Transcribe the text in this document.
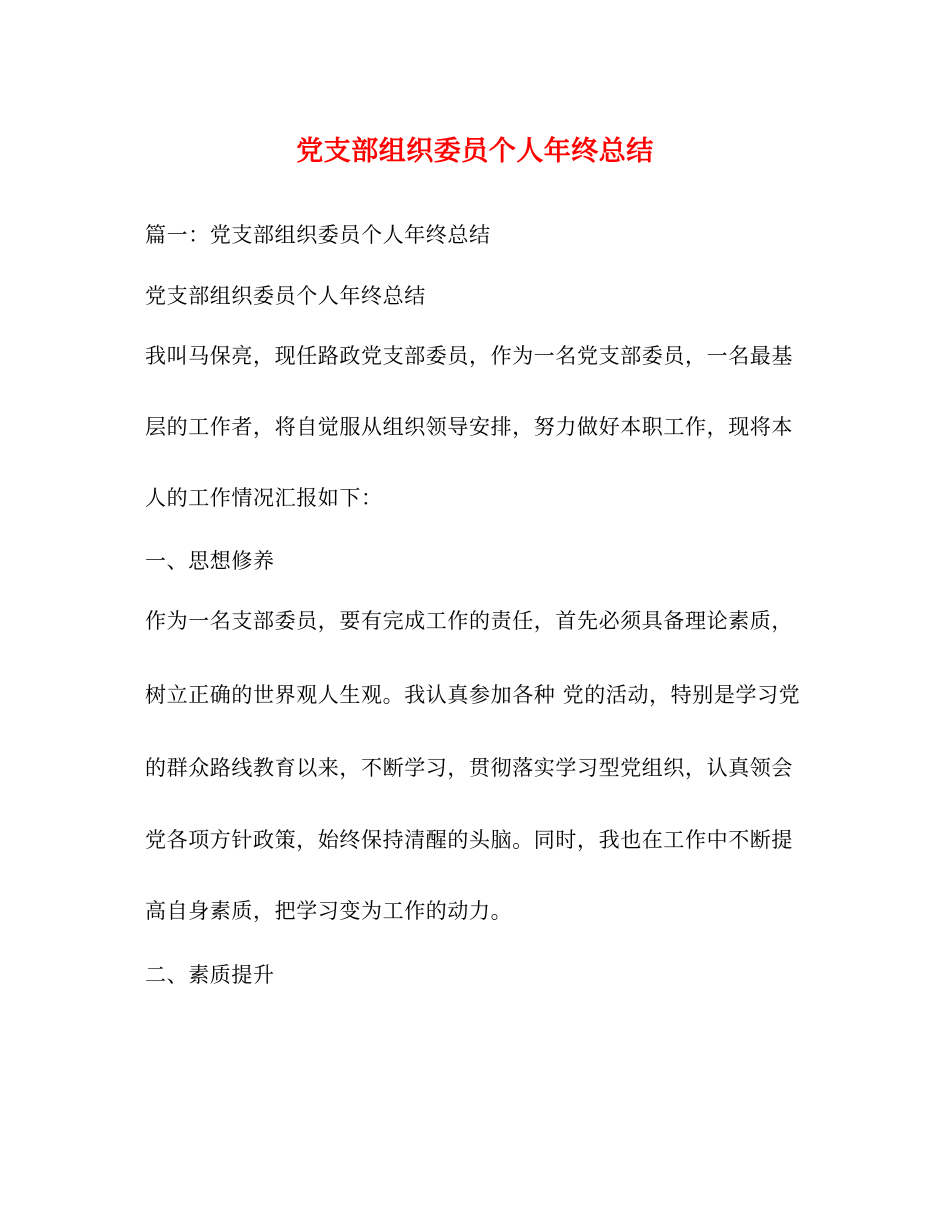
党支部组织委员个人年终总结
篇一：党支部组织委员个人年终总结
党支部组织委员个人年终总结
我叫马保亮，现任路政党支部委员，作为一名党支部委员，一名最基
层的工作者，将自觉服从组织领导安排，努力做好本职工作，现将本
人的工作情况汇报如下：
一、思想修养
作为一名支部委员，要有完成工作的责任，首先必须具备理论素质，
树立正确的世界观人生观。我认真参加各种 党的活动，特别是学习党
的群众路线教育以来，不断学习，贯彻落实学习型党组织，认真领会
党各项方针政策，始终保持清醒的头脑。同时，我也在工作中不断提
高自身素质，把学习变为工作的动力。
二、素质提升
